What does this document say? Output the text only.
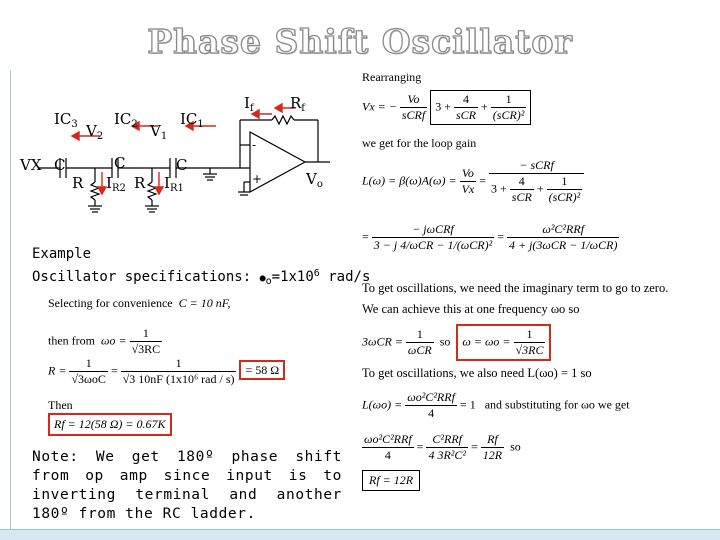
Phase Shift Oscillator
VX
$IC_3$ $V_2$
$IC_2$ $V_1$
$IC_1$
$I_f$ $R_f$
C	C	C
R	R
$I_{R2}$	$I_{R1}$
$V_o$
-
+
Example
Oscillator specifications: $●_o=1x10^6$ rad/s
Selecting for convenience C = 10 nF,
then from $\omega o = \frac{1}{√3RC}$
$R = \frac{1}{\text{√3ωoC}} = \frac{1}{\text{√3 10nF (1x10⁶ rad / s)}} = 58$ Ω
Then
Rf = 12(58 Ω) = 0.67K
Note: We get 180º phase shift from op amp since input is to inverting terminal and another 180º from the RC ladder.
Rearranging
Vx = − $\frac{Vo}{\text{sCRf}} 3 + \frac{4}{\text{sCR}} + \frac{1}{\text{(sCR)²}}$
we get for the loop gain
$L(\omega) = \beta(\omega)A(\omega) = \frac{Vo}{Vx} = \frac{\text{− sCRf}}{3 + \frac{4}{\text{sCR}} + \frac{1}{\text{(sCR)²}}}$
= $\frac{\text{− jωCRf}}{\text{3 − j 4/ωCR − 1/(ωCR)²}} = \frac{\text{ω²C²RRf}}{\text{4 + j(3ωCR − 1/ωCR)}}$
To get oscillations, we need the imaginary term to go to zero.
We can achieve this at one frequency ωo so
$3\omega CR = \frac{1}{\text{ωCR}}$ so $\omega = \omega o = \frac{1}{√3RC}$
To get oscillations, we also need L(ωo) = 1 so
$L(\omega o) = \frac{\text{ωo²C²RRf}}{4} = 1$ and substituting for ωo we get
$\frac{\text{ωo²C²RRf}}{4} = \frac{\text{C²RRf}}{\text{4 3R²C²}} = \frac{Rf}{12R}$ so
Rf = 12R
